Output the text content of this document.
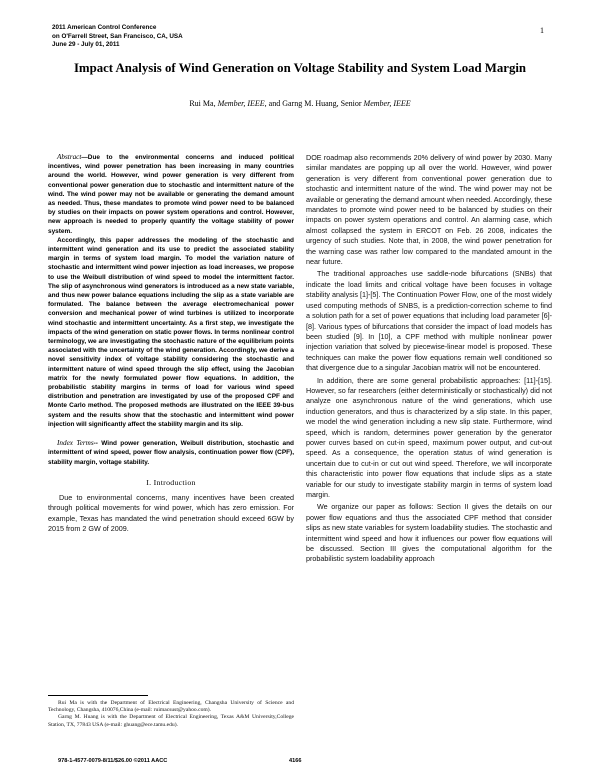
2011 American Control Conference
on O'Farrell Street, San Francisco, CA, USA
June 29 - July 01, 2011
1
Impact Analysis of Wind Generation on Voltage Stability and System Load Margin
Rui Ma, Member, IEEE, and Garng M. Huang, Senior Member, IEEE

Abstract—Due to the environmental concerns and induced political incentives, wind power penetration has been increasing in many countries around the world. However, wind power generation is very different from conventional power generation due to stochastic and intermittent nature of the wind. The wind power may not be available or generating the demand amount as needed. Thus, these mandates to promote wind power need to be balanced by studies on their impacts on power system operations and control. However, new approach is needed to properly quantify the voltage stability of power system.

Accordingly, this paper addresses the modeling of the stochastic and intermittent wind generation and its use to predict the associated stability margin in terms of system load margin. To model the variation nature of stochastic and intermittent wind power injection as load increases, we propose to use the Weibull distribution of wind speed to model the intermittent factor. The slip of asynchronous wind generators is introduced as a new state variable, and thus new power balance equations including the slip as a state variable are formulated. The balance between the average electromechanical power conversion and mechanical power of wind turbines is utilized to incorporate wind stochastic and intermittent uncertainty. As a first step, we investigate the impacts of the wind generation on static power flows. In terms nonlinear control terminology, we are investigating the stochastic nature of the equilibrium points associated with the uncertainty of the wind generation. Accordingly, we derive a novel sensitivity index of voltage stability considering the stochastic and intermittent nature of wind speed through the slip effect, using the Jacobian matrix for the newly formulated power flow equations. In addition, the probabilistic stability margins in terms of load for various wind speed distribution and penetration are investigated by use of the proposed CPF and Monte Carlo method. The proposed methods are illustrated on the IEEE 39-bus system and the results show that the stochastic and intermittent wind power injection will significantly affect the stability margin and its slip.

Index Terms-- Wind power generation, Weibull distribution, stochastic and intermittent of wind speed, power flow analysis, continuation power flow (CPF), stability margin, voltage stability.

I. Introduction

Due to environmental concerns, many incentives have been created through political movements for wind power, which has zero emission. For example, Texas has mandated the wind penetration should exceed 6GW by 2015 from 2 GW of 2009.

DOE roadmap also recommends 20% delivery of wind power by 2030. Many similar mandates are popping up all over the world. However, wind power generation is very different from conventional power generation due to stochastic and intermittent nature of the wind. The wind power may not be available or generating the demand amount when needed. Accordingly, these mandates to promote wind power need to be balanced by studies on their impacts on power system operations and control. An alarming case, which almost collapsed the system in ERCOT on Feb. 26 2008, indicates the urgency of such studies. Note that, in 2008, the wind power penetration for the warning case was rather low compared to the mandated amount in the near future.

The traditional approaches use saddle-node bifurcations (SNBs) that indicate the load limits and critical voltage have been focuses in voltage stability analysis [1]-[5]. The Continuation Power Flow, one of the most widely used computing methods of SNBS, is a prediction-correction scheme to find a solution path for a set of power equations that including load parameter [6]-[8]. Various types of bifurcations that consider the impact of load models has been studied [9]. In [10], a CPF method with multiple nonlinear power injection variation that solved by piecewise-linear model is proposed. These techniques can make the power flow equations remain well conditioned so that divergence due to a singular Jacobian matrix will not be encountered.

In addition, there are some general probabilistic approaches: [11]-[15]. However, so far researchers (either deterministically or stochastically) did not analyze one asynchronous nature of the wind generations, which use induction generators, and thus is characterized by a slip state. In this paper, we model the wind generation including a new slip state. Furthermore, wind speed, which is random, determines power generation by the generator power curves based on cut-in speed, maximum power output, and cut-out speed. As a consequence, the operation status of wind generation is uncertain due to cut-in or cut out wind speed. Therefore, we will incorporate this characteristic into power flow equations that include slips as a state variable for our study to investigate stability margin in terms of system load margin.

We organize our paper as follows: Section II gives the details on our power flow equations and thus the associated CPF method that consider slips as new state variables for system loadability studies. The stochastic and intermittent wind speed and how it influences our power flow equations will be discussed. Section III gives the computational algorithm for the probabilistic system loadability approach

Rui Ma is with the Department of Electrical Engineering, Changsha University of Science and Technology, Changsha, 410076,China (e-mail: ruimacsust@yahoo.com).

Garng M. Huang is with the Department of Electrical Engineering, Texas A&M University,College Station, TX, 77843 USA (e-mail: ghuang@ece.tamu.edu).

978-1-4577-0079-8/11/$26.00 ©2011 AACC	4166
